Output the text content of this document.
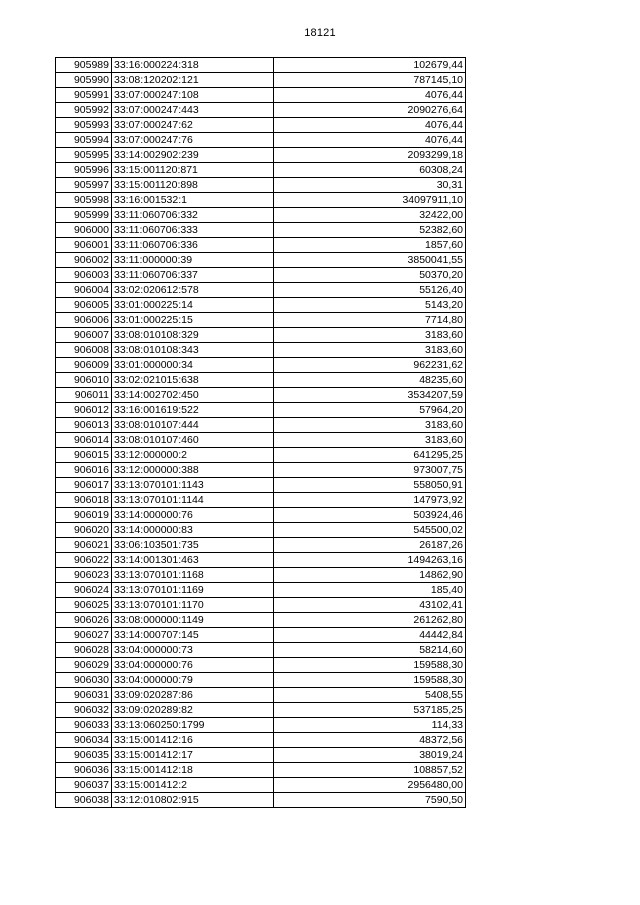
18121
905989	33:16:000224:318	102679,44
905990	33:08:120202:121	787145,10
905991	33:07:000247:108	4076,44
905992	33:07:000247:443	2090276,64
905993	33:07:000247:62	4076,44
905994	33:07:000247:76	4076,44
905995	33:14:002902:239	2093299,18
905996	33:15:001120:871	60308,24
905997	33:15:001120:898	30,31
905998	33:16:001532:1	34097911,10
905999	33:11:060706:332	32422,00
906000	33:11:060706:333	52382,60
906001	33:11:060706:336	1857,60
906002	33:11:000000:39	3850041,55
906003	33:11:060706:337	50370,20
906004	33:02:020612:578	55126,40
906005	33:01:000225:14	5143,20
906006	33:01:000225:15	7714,80
906007	33:08:010108:329	3183,60
906008	33:08:010108:343	3183,60
906009	33:01:000000:34	962231,62
906010	33:02:021015:638	48235,60
906011	33:14:002702:450	3534207,59
906012	33:16:001619:522	57964,20
906013	33:08:010107:444	3183,60
906014	33:08:010107:460	3183,60
906015	33:12:000000:2	641295,25
906016	33:12:000000:388	973007,75
906017	33:13:070101:1143	558050,91
906018	33:13:070101:1144	147973,92
906019	33:14:000000:76	503924,46
906020	33:14:000000:83	545500,02
906021	33:06:103501:735	26187,26
906022	33:14:001301:463	1494263,16
906023	33:13:070101:1168	14862,90
906024	33:13:070101:1169	185,40
906025	33:13:070101:1170	43102,41
906026	33:08:000000:1149	261262,80
906027	33:14:000707:145	44442,84
906028	33:04:000000:73	58214,60
906029	33:04:000000:76	159588,30
906030	33:04:000000:79	159588,30
906031	33:09:020287:86	5408,55
906032	33:09:020289:82	537185,25
906033	33:13:060250:1799	114,33
906034	33:15:001412:16	48372,56
906035	33:15:001412:17	38019,24
906036	33:15:001412:18	108857,52
906037	33:15:001412:2	2956480,00
906038	33:12:010802:915	7590,50
